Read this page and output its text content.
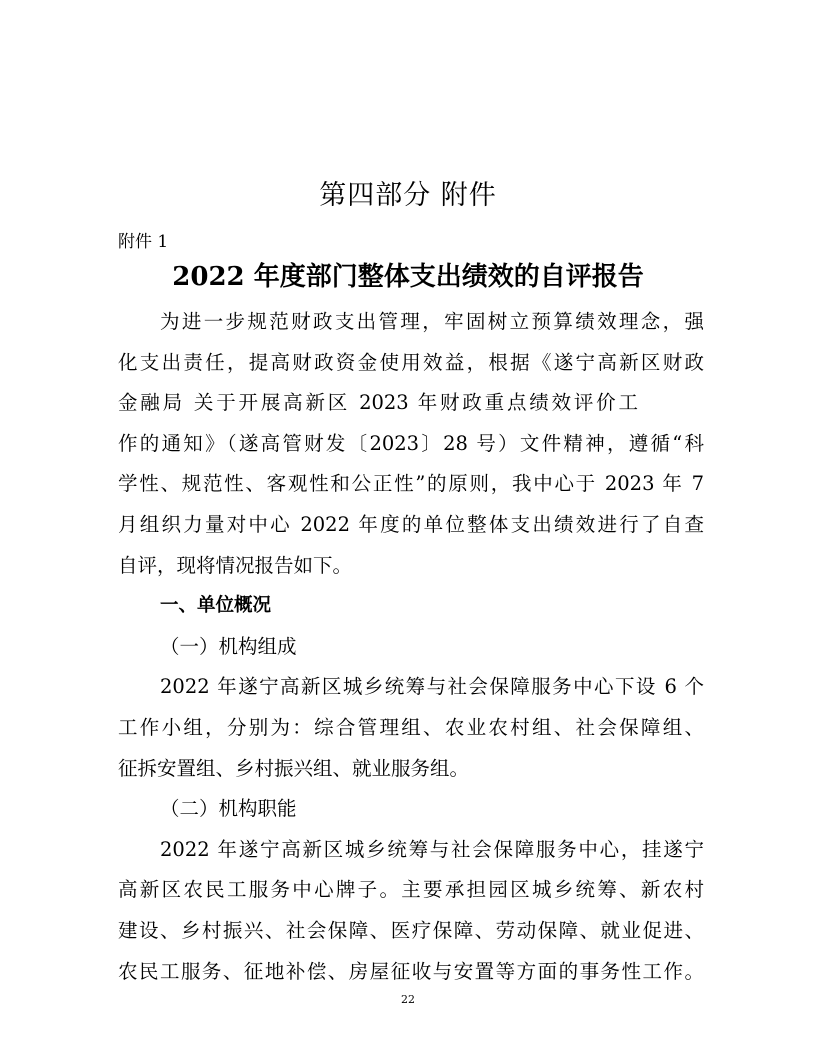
第四部分 附件
附件 1
2022 年度部门整体支出绩效的自评报告
为进一步规范财政支出管理，牢固树立预算绩效理念，强
化支出责任，提高财政资金使用效益，根据《遂宁高新区财政
金融局 关于开展高新区 2023 年财政重点绩效评价工
作的通知》（遂高管财发〔2023〕28 号）文件精神，遵循“科
学性、规范性、客观性和公正性”的原则，我中心于 2023 年 7
月组织力量对中心 2022 年度的单位整体支出绩效进行了自查
自评，现将情况报告如下。
一、单位概况
（一）机构组成
2022 年遂宁高新区城乡统筹与社会保障服务中心下设 6 个
工作小组，分别为：综合管理组、农业农村组、社会保障组、
征拆安置组、乡村振兴组、就业服务组。
（二）机构职能
2022 年遂宁高新区城乡统筹与社会保障服务中心，挂遂宁
高新区农民工服务中心牌子。主要承担园区城乡统筹、新农村
建设、乡村振兴、社会保障、医疗保障、劳动保障、就业促进、
农民工服务、征地补偿、房屋征收与安置等方面的事务性工作。
22
